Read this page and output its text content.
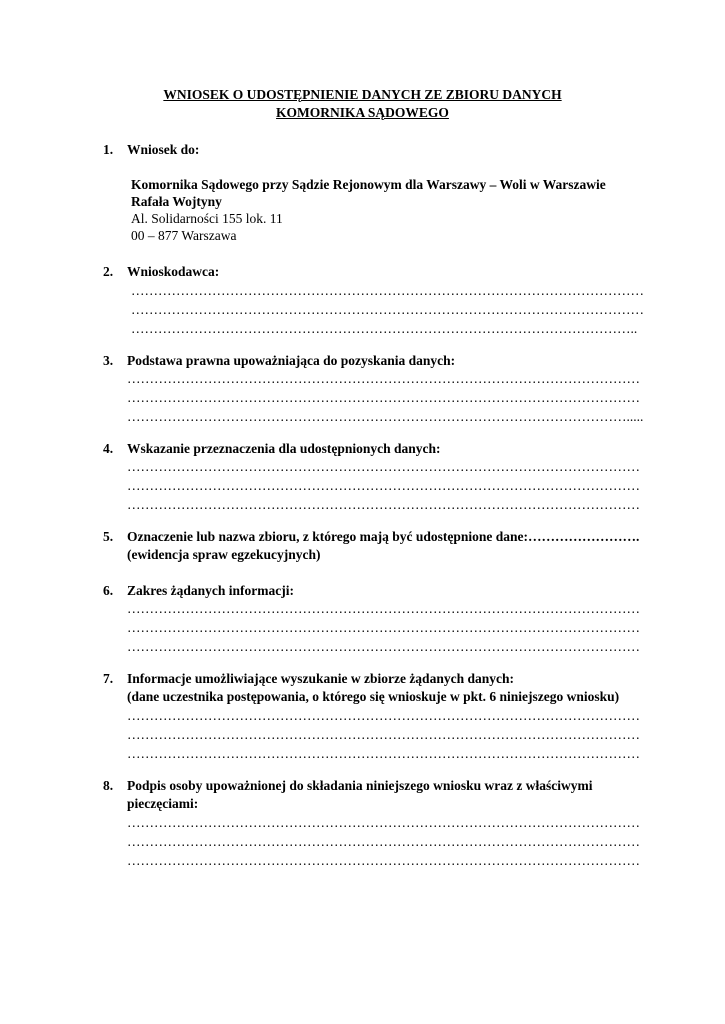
WNIOSEK O UDOSTĘPNIENIE DANYCH ZE ZBIORU DANYCH
KOMORNIKA SĄDOWEGO
1. Wniosek do:
Komornika Sądowego przy Sądzie Rejonowym dla Warszawy – Woli w Warszawie
Rafała Wojtyny
Al. Solidarności 155 lok. 11
00 – 877 Warszawa
2. Wnioskodawca:
……………………………………………………………………………………………………
……………………………………………………………………………………………………
…………………………………………………………………………………………………..
3. Podstawa prawna upoważniająca do pozyskania danych:
……………………………………………………………………………………………………
……………………………………………………………………………………………………
………………………………………………………………………………………………….....
4. Wskazanie przeznaczenia dla udostępnionych danych:
……………………………………………………………………………………………………
……………………………………………………………………………………………………
……………………………………………………………………………………………………
5. Oznaczenie lub nazwa zbioru, z którego mają być udostępnione dane:…………………….
(ewidencja spraw egzekucyjnych)
6. Zakres żądanych informacji:
……………………………………………………………………………………………………
……………………………………………………………………………………………………
……………………………………………………………………………………………………
7. Informacje umożliwiające wyszukanie w zbiorze żądanych danych:
(dane uczestnika postępowania, o którego się wnioskuje w pkt. 6 niniejszego wniosku)
……………………………………………………………………………………………………
……………………………………………………………………………………………………
……………………………………………………………………………………………………
8. Podpis osoby upoważnionej do składania niniejszego wniosku wraz z właściwymi
pieczęciami:
……………………………………………………………………………………………………
……………………………………………………………………………………………………
……………………………………………………………………………………………………
